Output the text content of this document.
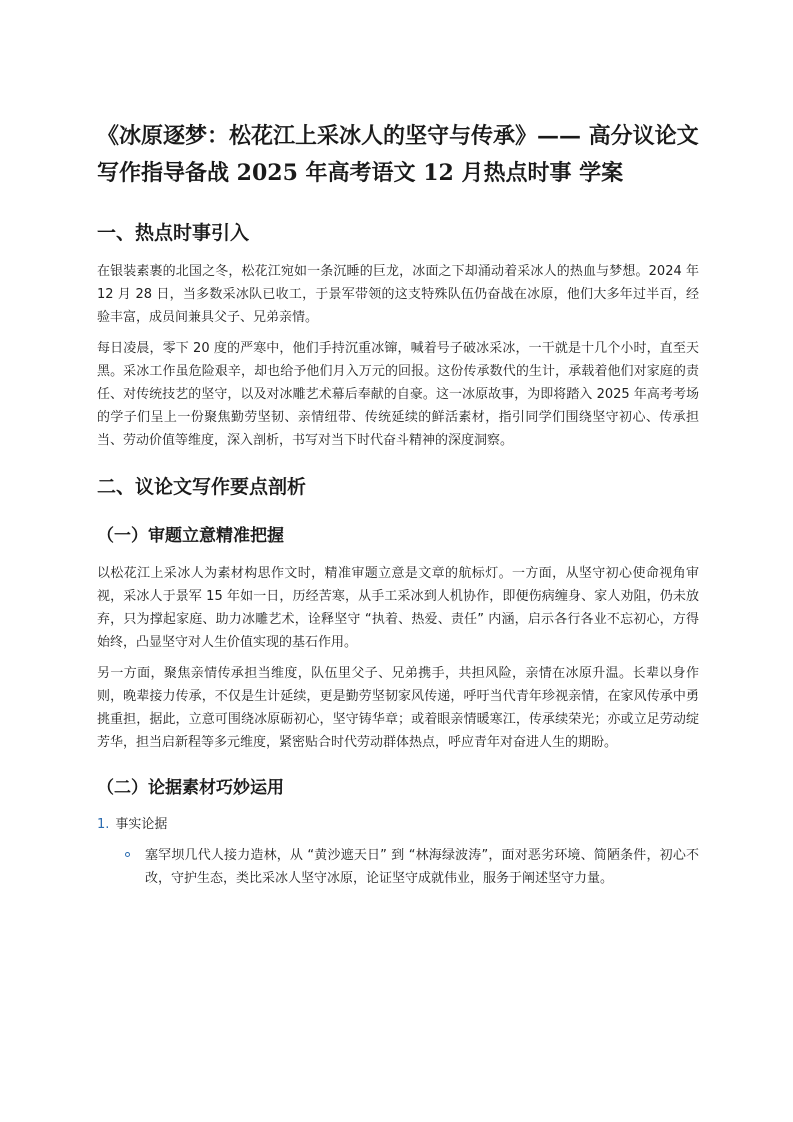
《冰原逐梦：松花江上采冰人的坚守与传承》—— 高分议论文写作指导备战 2025 年高考语文 12 月热点时事 学案
一、热点时事引入

在银装素裹的北国之冬，松花江宛如一条沉睡的巨龙，冰面之下却涌动着采冰人的热血与梦想。2024 年 12 月 28 日，当多数采冰队已收工，于景军带领的这支特殊队伍仍奋战在冰原，他们大多年过半百，经验丰富，成员间兼具父子、兄弟亲情。

每日凌晨，零下 20 度的严寒中，他们手持沉重冰镩，喊着号子破冰采冰，一干就是十几个小时，直至天黑。采冰工作虽危险艰辛，却也给予他们月入万元的回报。这份传承数代的生计，承载着他们对家庭的责任、对传统技艺的坚守，以及对冰雕艺术幕后奉献的自豪。这一冰原故事，为即将踏入 2025 年高考考场的学子们呈上一份聚焦勤劳坚韧、亲情纽带、传统延续的鲜活素材，指引同学们围绕坚守初心、传承担当、劳动价值等维度，深入剖析，书写对当下时代奋斗精神的深度洞察。

二、议论文写作要点剖析
（一）审题立意精准把握

以松花江上采冰人为素材构思作文时，精准审题立意是文章的航标灯。一方面，从坚守初心使命视角审视，采冰人于景军 15 年如一日，历经苦寒，从手工采冰到人机协作，即便伤病缠身、家人劝阻，仍未放弃，只为撑起家庭、助力冰雕艺术，诠释坚守 “执着、热爱、责任” 内涵，启示各行各业不忘初心，方得始终，凸显坚守对人生价值实现的基石作用。

另一方面，聚焦亲情传承担当维度，队伍里父子、兄弟携手，共担风险，亲情在冰原升温。长辈以身作则，晚辈接力传承，不仅是生计延续，更是勤劳坚韧家风传递，呼吁当代青年珍视亲情，在家风传承中勇挑重担，据此，立意可围绕冰原砺初心，坚守铸华章；或着眼亲情暖寒江，传承续荣光；亦或立足劳动绽芳华，担当启新程等多元维度，紧密贴合时代劳动群体热点，呼应青年对奋进人生的期盼。

（二）论据素材巧妙运用
1. 事实论据
塞罕坝几代人接力造林，从 “黄沙遮天日” 到 “林海绿波涛”，面对恶劣环境、简陋条件，初心不改，守护生态，类比采冰人坚守冰原，论证坚守成就伟业，服务于阐述坚守力量。
